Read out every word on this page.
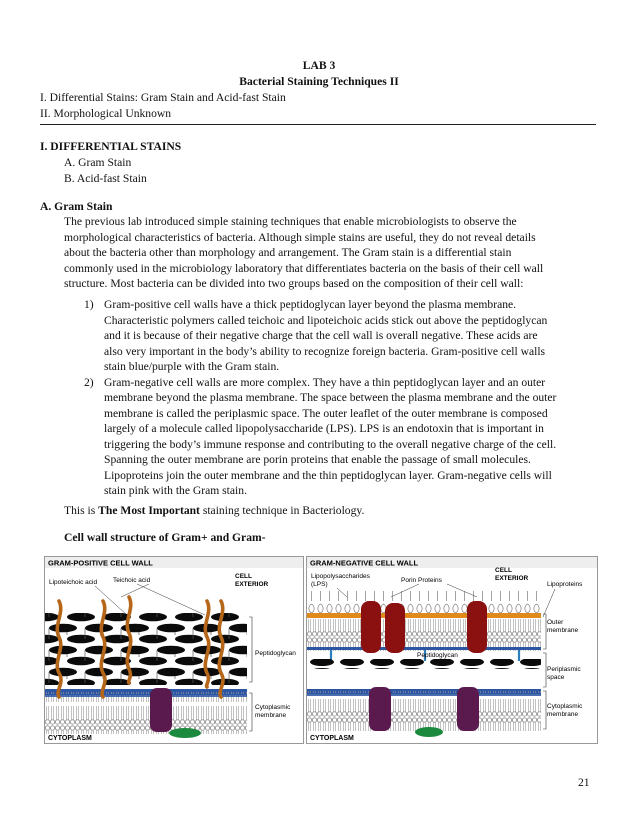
LAB 3
Bacterial Staining Techniques II
I. Differential Stains: Gram Stain and Acid-fast Stain
II. Morphological Unknown
I. DIFFERENTIAL STAINS
A. Gram Stain
B. Acid-fast Stain
A. Gram Stain
The previous lab introduced simple staining techniques that enable microbiologists to observe the
morphological characteristics of bacteria. Although simple stains are useful, they do not reveal details
about the bacteria other than morphology and arrangement. The Gram stain is a differential stain
commonly used in the microbiology laboratory that differentiates bacteria on the basis of their cell wall
structure. Most bacteria can be divided into two groups based on the composition of their cell wall:
1) Gram-positive cell walls have a thick peptidoglycan layer beyond the plasma membrane.
Characteristic polymers called teichoic and lipoteichoic acids stick out above the peptidoglycan
and it is because of their negative charge that the cell wall is overall negative. These acids are
also very important in the body’s ability to recognize foreign bacteria. Gram-positive cell walls
stain blue/purple with the Gram stain.
2) Gram-negative cell walls are more complex. They have a thin peptidoglycan layer and an outer
membrane beyond the plasma membrane. The space between the plasma membrane and the outer
membrane is called the periplasmic space. The outer leaflet of the outer membrane is composed
largely of a molecule called lipopolysaccharide (LPS). LPS is an endotoxin that is important in
triggering the body’s immune response and contributing to the overall negative charge of the cell.
Spanning the outer membrane are porin proteins that enable the passage of small molecules.
Lipoproteins join the outer membrane and the thin peptidoglycan layer. Gram-negative cells will
stain pink with the Gram stain.
This is The Most Important staining technique in Bacteriology.
Cell wall structure of Gram+ and Gram-
GRAM-POSITIVE CELL WALL
Lipoteichoic acid Teichoic acid
CELL
EXTERIOR
Peptidoglycan
Cytoplasmic
membrane
CYTOPLASM
GRAM-NEGATIVE CELL WALL
Lipopolysaccharides
(LPS)
Porin Proteins
CELL
EXTERIOR
Lipoproteins
Outer
membrane
Peptidoglycan
Periplasmic
space
Cytoplasmic
membrane
CYTOPLASM
21
